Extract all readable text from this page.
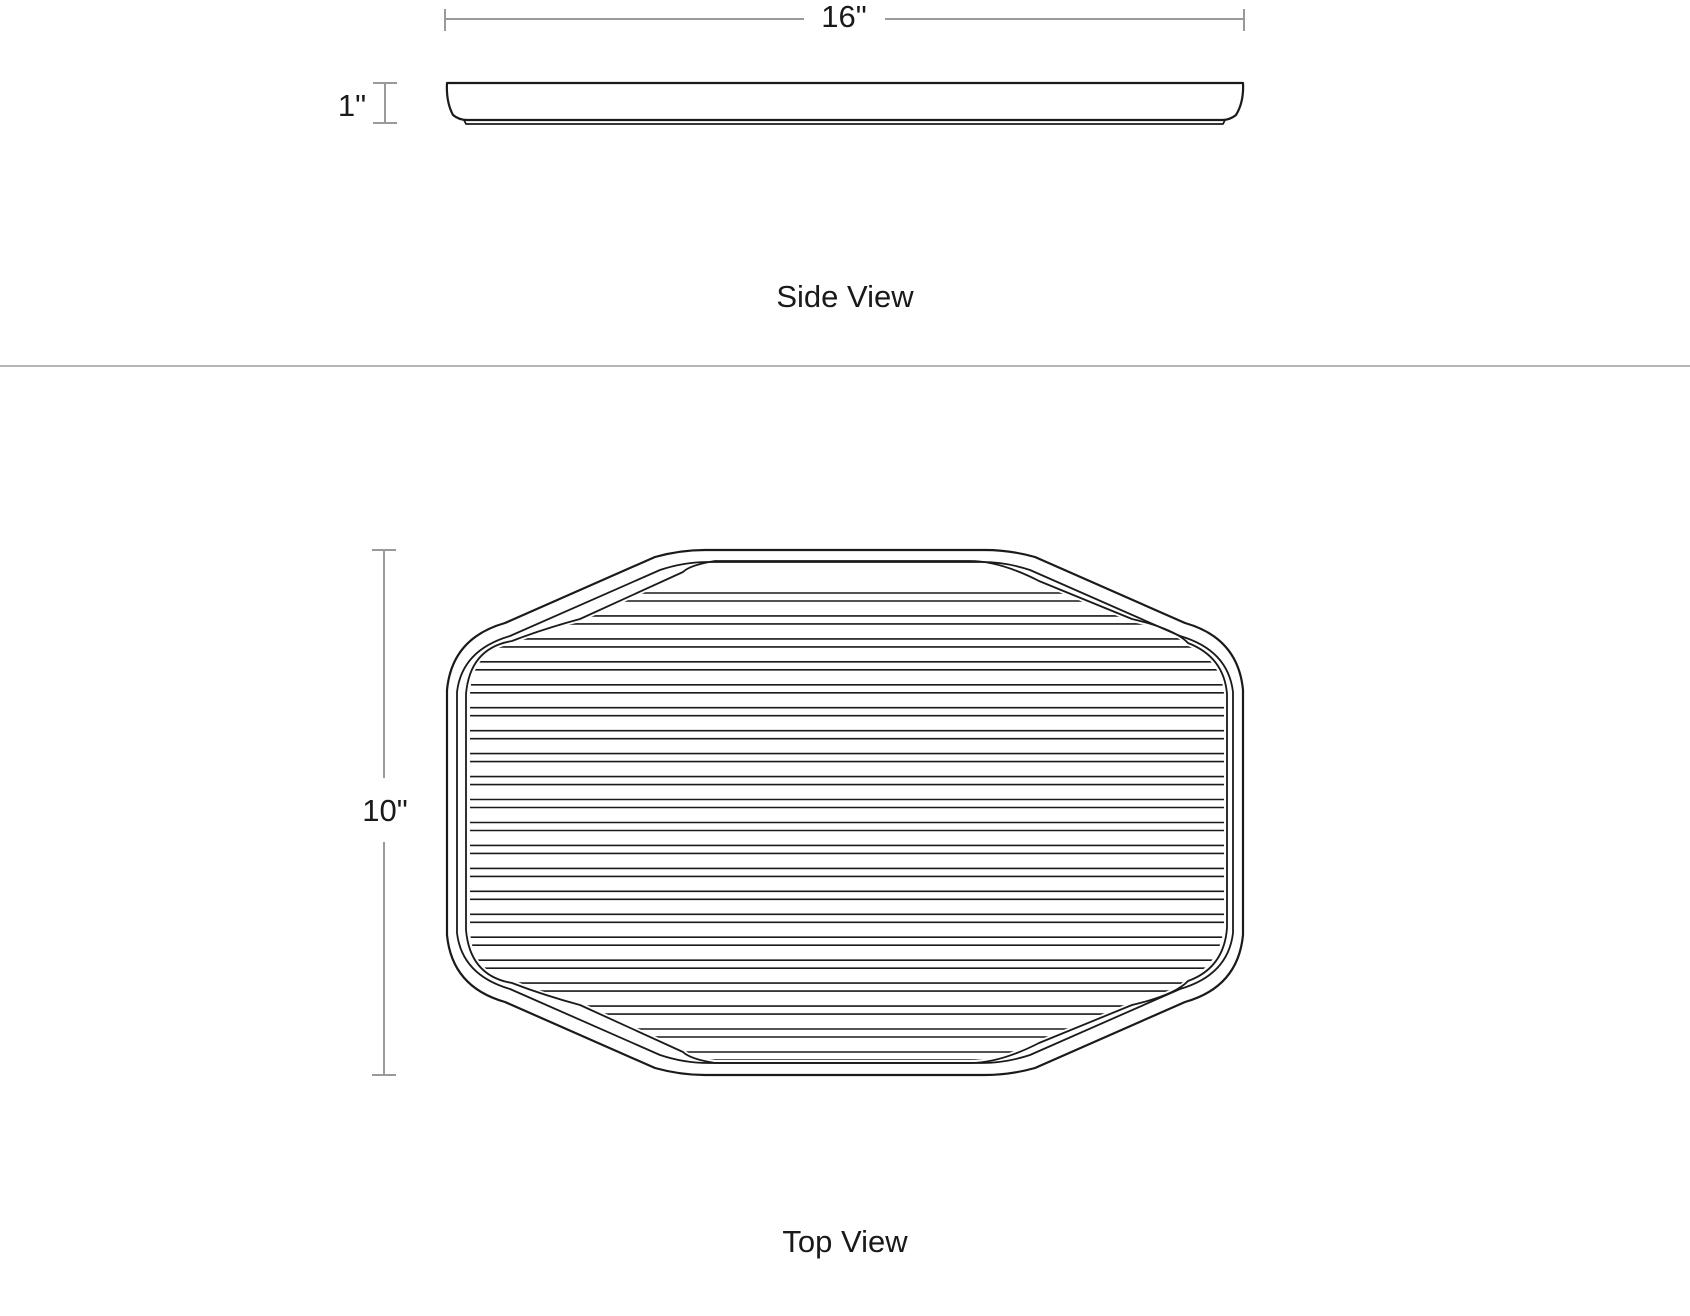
16"
1"
Side View
10"
Top View
